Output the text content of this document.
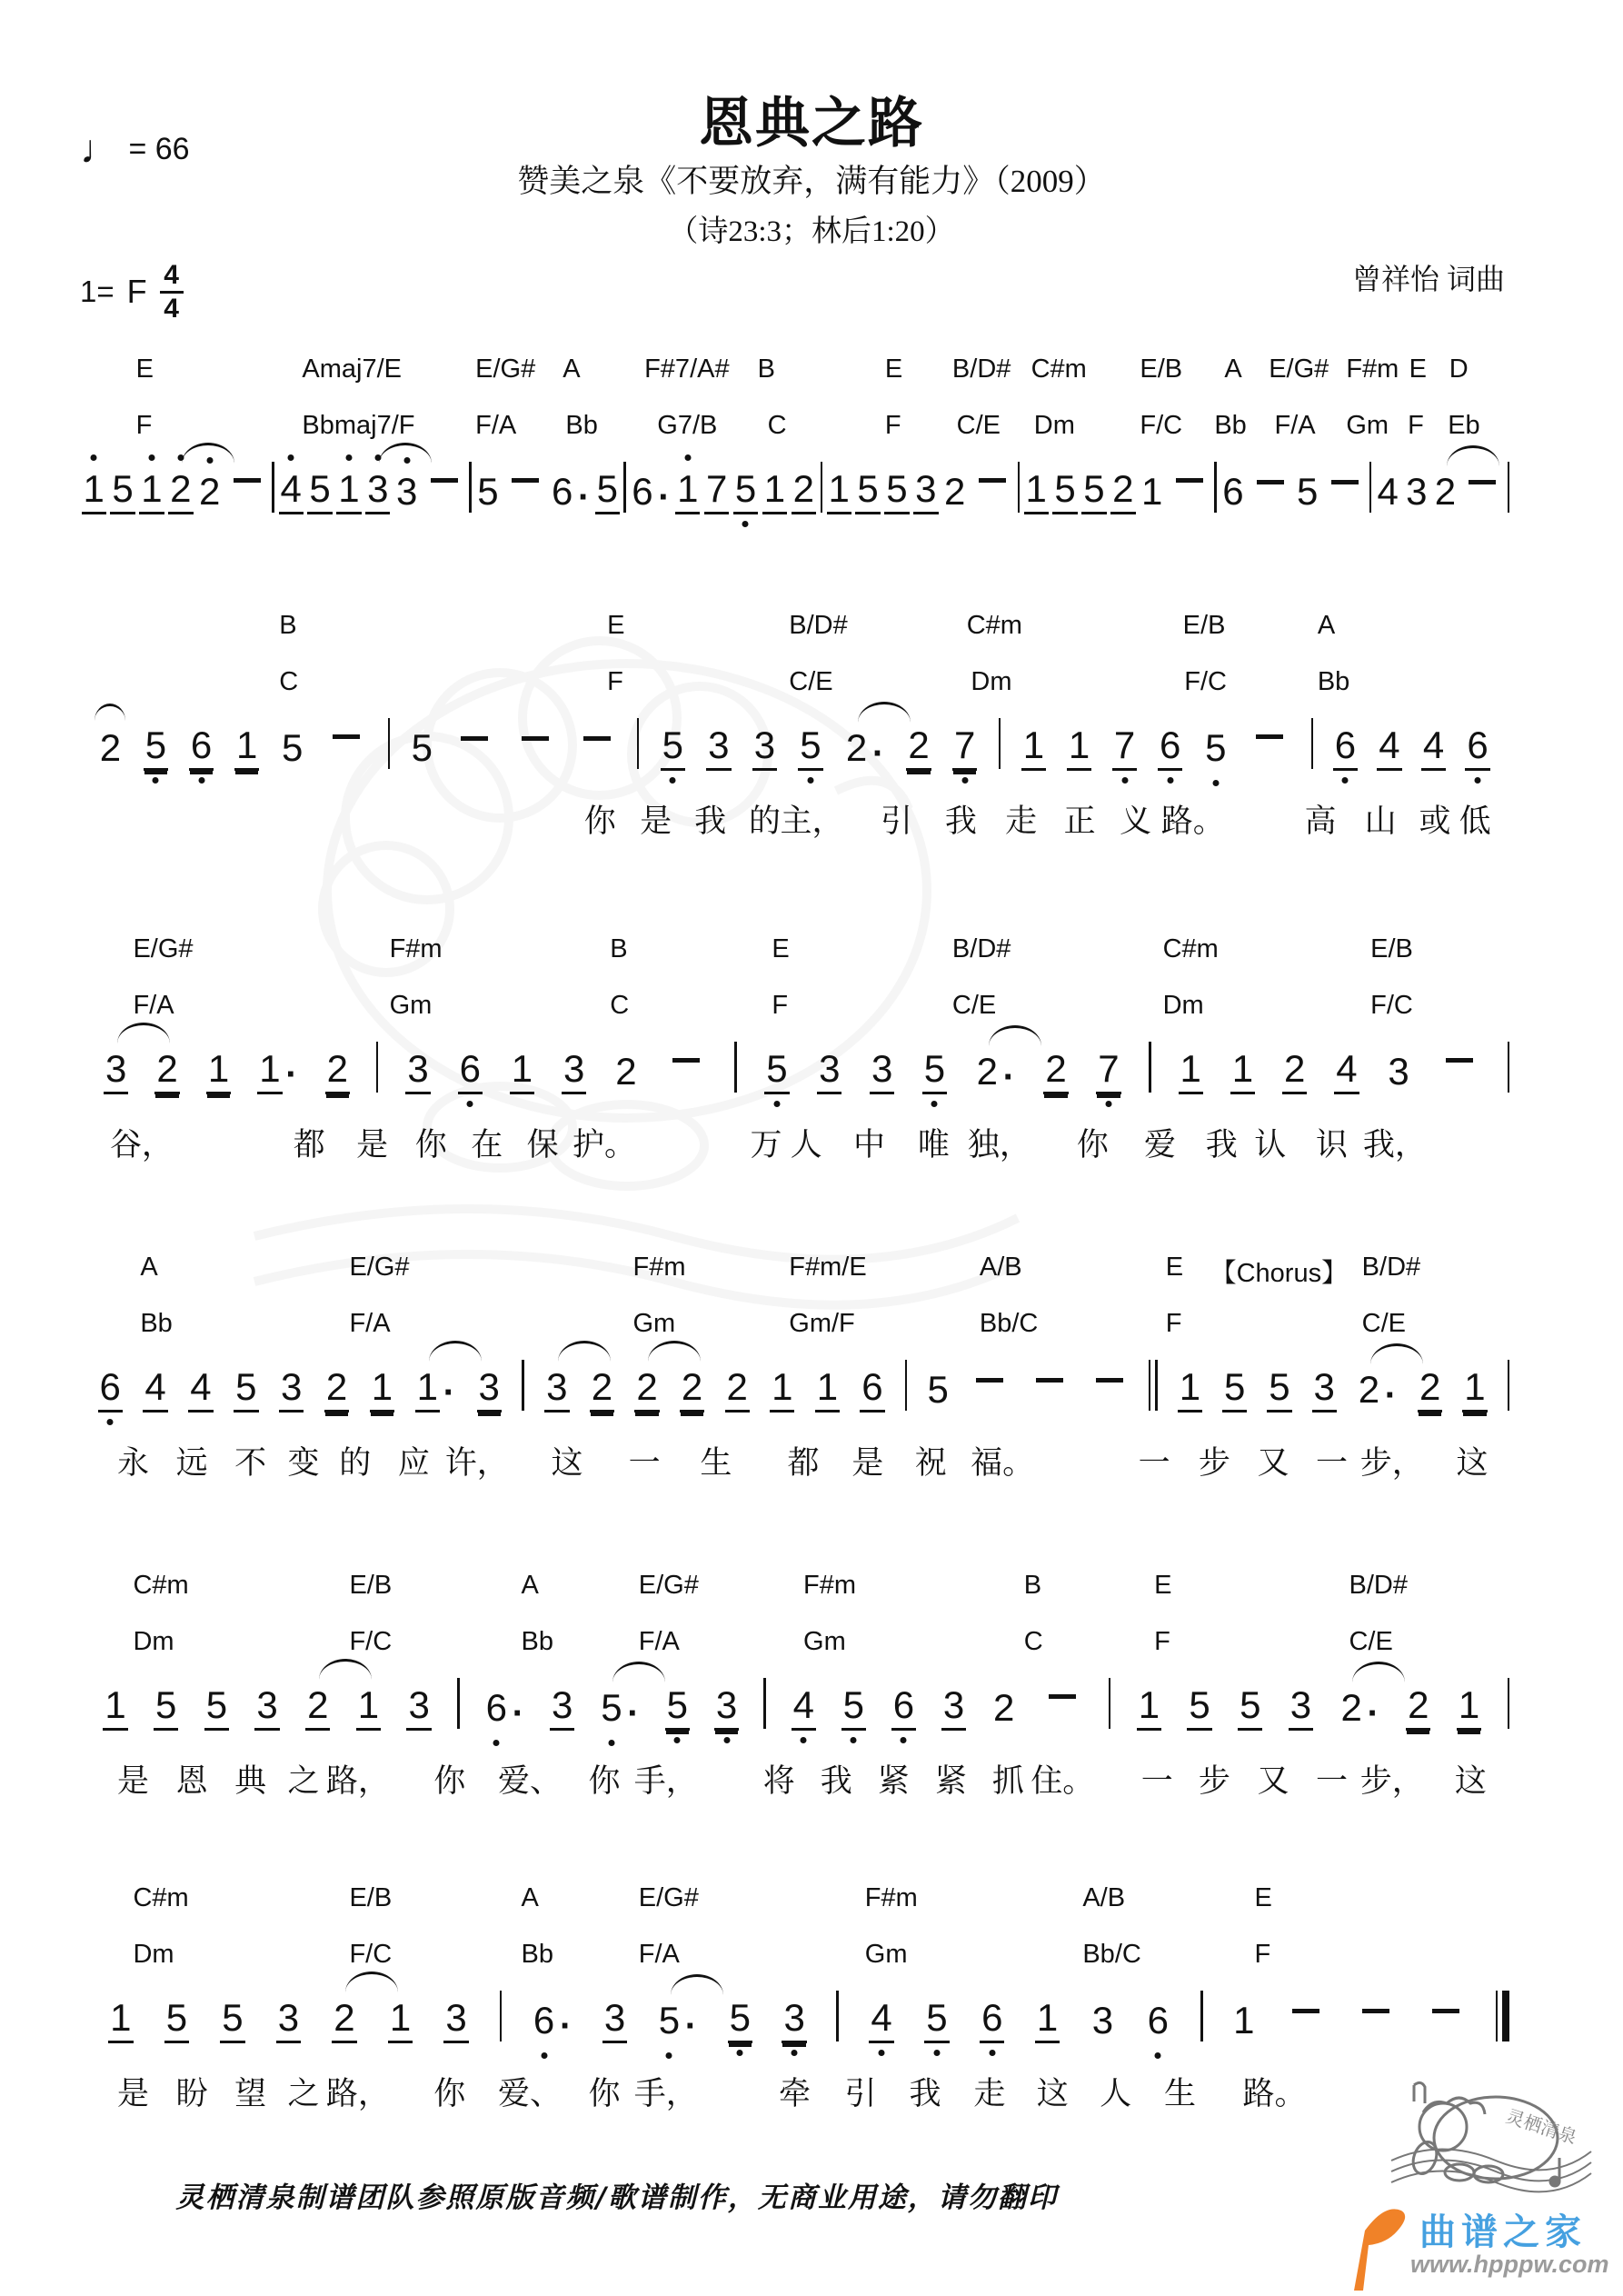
恩典之路
♩ = 66
赞美之泉《不要放弃，满有能力》（2009）
（诗23:3；林后1:20）
曾祥怡 词曲
1= F $\frac{4}{4}$
E	Amaj7/E	E/G# A F#7/A# B	E B/D# C#m E/B A E/G# F#m E D
F	Bbmaj7/F F/A Bb G7/B C	F C/E Dm F/C Bb F/A Gm F Eb
1 5 1 2 2 4 5 1 3 3 5 6 · 5 6 · 1 7 5 1 2 1 5 5 3 2 1 5 5 2 1 6 5 4 3 2
B	E	B/D#	C#m	E/B	A
C	F	C/E	Dm	F/C	Bb
2 5 6 1 5	5	5 3 3 5 2 · 2 7 1 1 7 6 5	6 4 4 6
你 是 我 的 主， 引 我 走 正 义 路。	高 山 或 低
E/G#	F#m	B	E	B/D#	C#m	E/B
F/A	Gm	C	F	C/E	Dm	F/C
3 2 1 1 · 2 3 6 1 3 2	5 3 3 5 2 · 2 7 1 1 2 4 3
谷，	都 是 你 在 保 护。	万 人 中 唯 独， 你 爱 我 认 识 我，
A	E/G#	F#m	F#m/E	A/B	E 【Chorus】 B/D#
Bb	F/A	Gm	Gm/F	Bb/C	F	C/E
6 4 4 5 3 2 1 1 · 3 3 2 2 2 2 1 1 6 5	1 5 5 3 2 · 2 1
永 远 不 变 的 应 许， 这 一 生 都 是 祝 福。	一 步 又 一 步， 这
C#m	E/B	A	E/G#	F#m	B	E	B/D#
Dm	F/C	Bb	F/A	Gm	C	F	C/E
1 5 5 3 2 1 3 6 · 3 5 · 5 3 4 5 6 3 2	1 5 5 3 2 · 2 1
是 恩 典 之 路， 你 爱、 你 手， 将 我 紧 紧 抓 住。 一 步 又 一 步， 这
C#m	E/B	A	E/G#	F#m	A/B	E
Dm	F/C	Bb	F/A	Gm	Bb/C	F
1 5 5 3 2 1 3 6 · 3 5 · 5 3 4 5 6 1 3 6 1
是 盼 望 之 路， 你 爱、 你 手，	牵 引 我 走 这 人 生 路。
灵栖清泉制谱团队参照原版音频/歌谱制作，无商业用途，请勿翻印
灵栖清泉
曲谱之家
www.hpppw.com
